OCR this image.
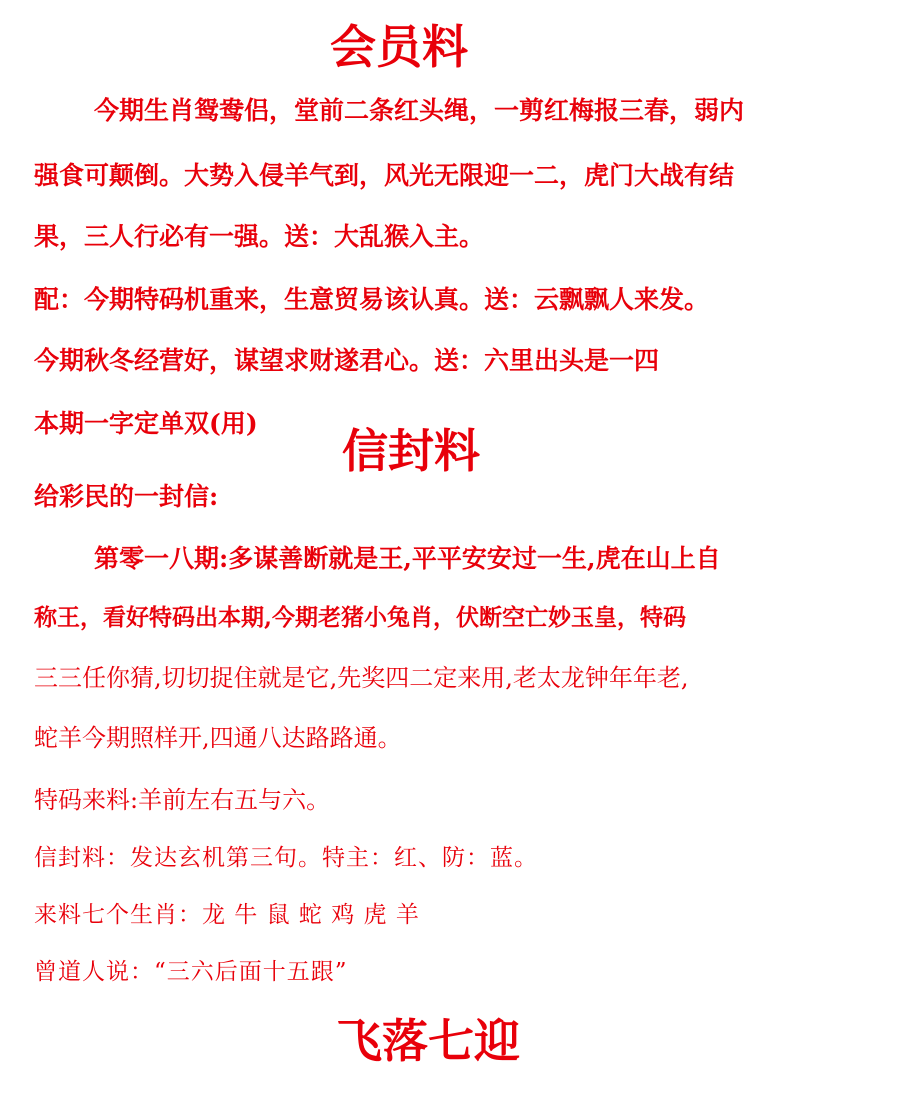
会员料
今期生肖鸳鸯侣，堂前二条红头绳，一剪红梅报三春，弱内
强食可颠倒。大势入侵羊气到，风光无限迎一二，虎门大战有结
果，三人行必有一强。送：大乱猴入主。
配：今期特码机重来，生意贸易该认真。送：云飘飘人来发。
今期秋冬经营好，谋望求财遂君心。送：六里出头是一四
本期一字定单双(用)
信封料
给彩民的一封信:
第零一八期:多谋善断就是王,平平安安过一生,虎在山上自
称王，看好特码出本期,今期老猪小兔肖，伏断空亡妙玉皇，特码
三三任你猜,切切捉住就是它,先奖四二定来用,老太龙钟年年老,
蛇羊今期照样开,四通八达路路通。
特码来料:羊前左右五与六。
信封料：发达玄机第三句。特主：红、防：蓝。
来料七个生肖：龙 牛 鼠 蛇 鸡 虎 羊
曾道人说：“三六后面十五跟”
飞落七迎
